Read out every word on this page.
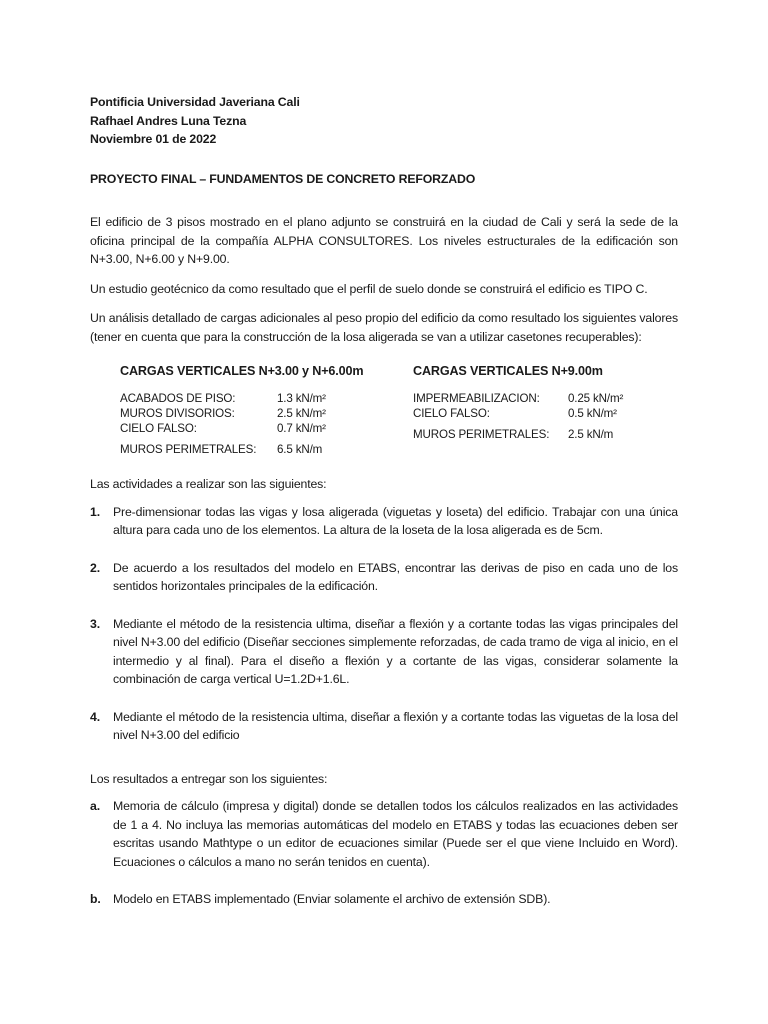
Pontificia Universidad Javeriana Cali
Rafhael Andres Luna Tezna
Noviembre 01 de 2022
PROYECTO FINAL – FUNDAMENTOS DE CONCRETO REFORZADO

El edificio de 3 pisos mostrado en el plano adjunto se construirá en la ciudad de Cali y será la sede de la oficina principal de la compañía ALPHA CONSULTORES. Los niveles estructurales de la edificación son N+3.00, N+6.00 y N+9.00.

Un estudio geotécnico da como resultado que el perfil de suelo donde se construirá el edificio es TIPO C.

Un análisis detallado de cargas adicionales al peso propio del edificio da como resultado los siguientes valores (tener en cuenta que para la construcción de la losa aligerada se van a utilizar casetones recuperables):

CARGAS VERTICALES N+3.00 y N+6.00m
ACABADOS DE PISO:	1.3 kN/m²
MUROS DIVISORIOS:	2.5 kN/m²
CIELO FALSO:	0.7 kN/m²
MUROS PERIMETRALES: 6.5 kN/m
CARGAS VERTICALES N+9.00m
IMPERMEABILIZACION: 0.25 kN/m²
CIELO FALSO:	0.5 kN/m²
MUROS PERIMETRALES: 2.5 kN/m

Las actividades a realizar son las siguientes:

1. Pre-dimensionar todas las vigas y losa aligerada (viguetas y loseta) del edificio. Trabajar con una única altura para cada uno de los elementos. La altura de la loseta de la losa aligerada es de 5cm.
2. De acuerdo a los resultados del modelo en ETABS, encontrar las derivas de piso en cada uno de los sentidos horizontales principales de la edificación.
3. Mediante el método de la resistencia ultima, diseñar a flexión y a cortante todas las vigas principales del nivel N+3.00 del edificio (Diseñar secciones simplemente reforzadas, de cada tramo de viga al inicio, en el intermedio y al final). Para el diseño a flexión y a cortante de las vigas, considerar solamente la combinación de carga vertical U=1.2D+1.6L.
4. Mediante el método de la resistencia ultima, diseñar a flexión y a cortante todas las viguetas de la losa del nivel N+3.00 del edificio

Los resultados a entregar son los siguientes:

a. Memoria de cálculo (impresa y digital) donde se detallen todos los cálculos realizados en las actividades de 1 a 4. No incluya las memorias automáticas del modelo en ETABS y todas las ecuaciones deben ser escritas usando Mathtype o un editor de ecuaciones similar (Puede ser el que viene Incluido en Word). Ecuaciones o cálculos a mano no serán tenidos en cuenta).
b. Modelo en ETABS implementado (Enviar solamente el archivo de extensión SDB).
